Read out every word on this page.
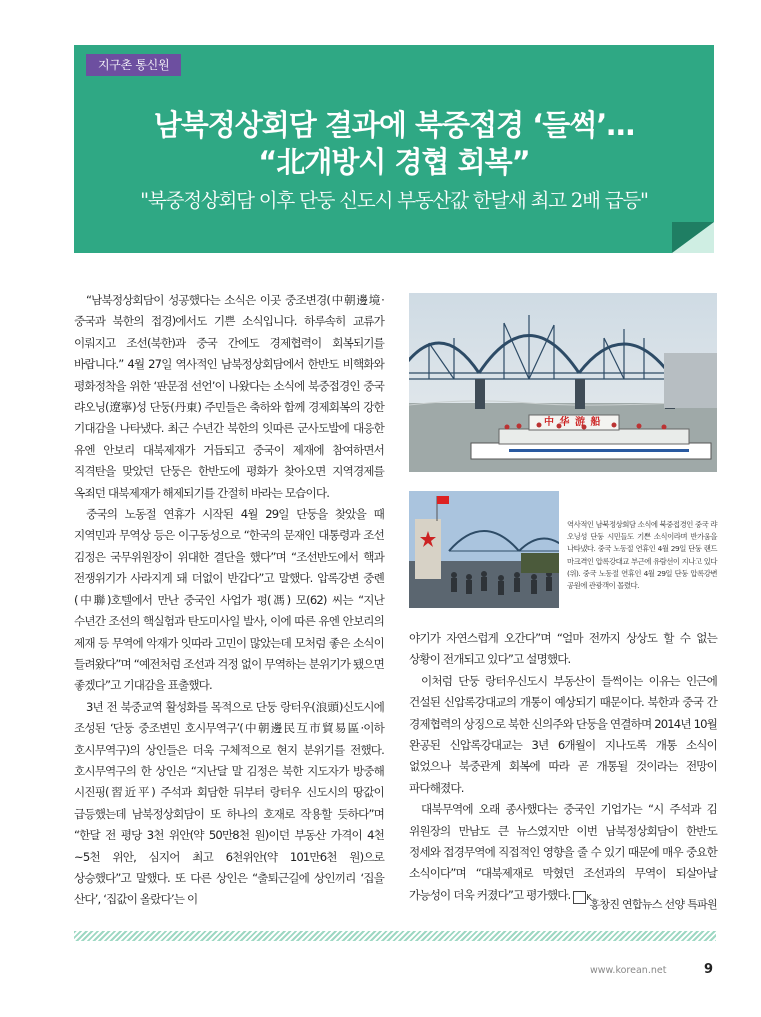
지구촌 통신원
남북정상회담 결과에 북중접경 ‘들썩’…
“北개방시 경협 회복”
"북중정상회담 이후 단둥 신도시 부동산값 한달새 최고 2배 급등"

“남북정상회담이 성공했다는 소식은 이곳 중조변경(中朝邊境·중국과 북한의 접경)에서도 기쁜 소식입니다. 하루속히 교류가 이뤄지고 조선(북한)과 중국 간에도 경제협력이 회복되기를 바랍니다.” 4월 27일 역사적인 남북정상회담에서 한반도 비핵화와 평화정착을 위한 ‘판문점 선언’이 나왔다는 소식에 북중접경인 중국 랴오닝(遼寧)성 단둥(丹東) 주민들은 축하와 함께 경제회복의 강한 기대감을 나타냈다. 최근 수년간 북한의 잇따른 군사도발에 대응한 유엔 안보리 대북제재가 거듭되고 중국이 제재에 참여하면서 직격탄을 맞았던 단둥은 한반도에 평화가 찾아오면 지역경제를 옥죄던 대북제재가 해제되기를 간절히 바라는 모습이다.

중국의 노동절 연휴가 시작된 4월 29일 단둥을 찾았을 때 지역민과 무역상 등은 이구동성으로 “한국의 문재인 대통령과 조선 김정은 국무위원장이 위대한 결단을 했다”며 “조선반도에서 핵과 전쟁위기가 사라지게 돼 더없이 반갑다”고 말했다. 압록강변 중롄(中聯)호텔에서 만난 중국인 사업가 펑(馮) 모(62) 씨는 “지난 수년간 조선의 핵실험과 탄도미사일 발사, 이에 따른 유엔 안보리의 제재 등 무역에 악재가 잇따라 고민이 많았는데 모처럼 좋은 소식이 들려왔다”며 “예전처럼 조선과 걱정 없이 무역하는 분위기가 됐으면 좋겠다”고 기대감을 표출했다.

3년 전 북중교역 활성화를 목적으로 단둥 랑터우(浪頭)신도시에 조성된 ‘단둥 중조변민 호시무역구’(中朝邊民互市貿易區·이하 호시무역구)의 상인들은 더욱 구체적으로 현지 분위기를 전했다. 호시무역구의 한 상인은 “지난달 말 김정은 북한 지도자가 방중해 시진핑(習近平) 주석과 회담한 뒤부터 랑터우 신도시의 땅값이 급등했는데 남북정상회담이 또 하나의 호재로 작용할 듯하다”며 “한달 전 평당 3천 위안(약 50만8천 원)이던 부동산 가격이 4천~5천 위안, 심지어 최고 6천위안(약 101만6천 원)으로 상승했다”고 말했다. 또 다른 상인은 “출퇴근길에 상인끼리 ‘집을 산다’, ‘집값이 올랐다’는 이

中 华 游 船
역사적인 남북정상회담 소식에 북중접경인 중국 랴오닝성 단둥 시민들도 기쁜 소식이라며 반가움을 나타냈다. 중국 노동절 연휴인 4월 29일 단둥 랜드마크격인 압록강대교 부근에 유람선이 지나고 있다(위). 중국 노동절 연휴인 4월 29일 단둥 압록강변 공원에 관광객이 몰렸다.

야기가 자연스럽게 오간다”며 “얼마 전까지 상상도 할 수 없는 상황이 전개되고 있다”고 설명했다.

이처럼 단둥 랑터우신도시 부동산이 들썩이는 이유는 인근에 건설된 신압록강대교의 개통이 예상되기 때문이다. 북한과 중국 간 경제협력의 상징으로 북한 신의주와 단둥을 연결하며 2014년 10월 완공된 신압록강대교는 3년 6개월이 지나도록 개통 소식이 없었으나 북중관계 회복에 따라 곧 개통될 것이라는 전망이 파다해졌다.

대북무역에 오래 종사했다는 중국인 기업가는 “시 주석과 김 위원장의 만남도 큰 뉴스였지만 이번 남북정상회담이 한반도 정세와 접경무역에 직접적인 영향을 줄 수 있기 때문에 매우 중요한 소식이다”며 “대북제재로 막혔던 조선과의 무역이 되살아날 가능성이 더욱 커졌다”고 평가했다. K

홍창진 연합뉴스 선양 특파원
www.korean.net	9
